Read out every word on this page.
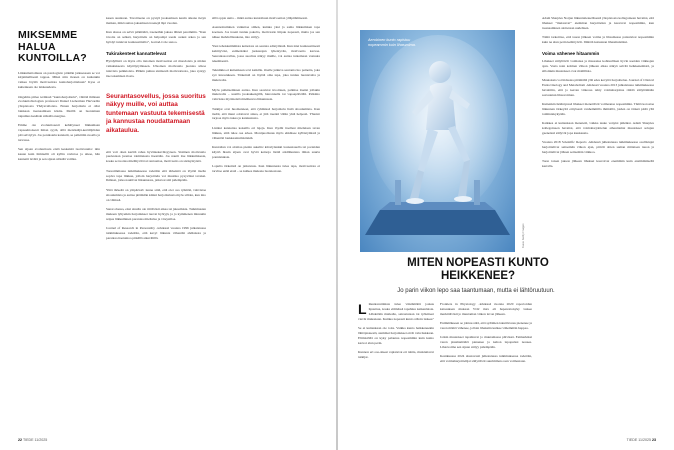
MIKSEMME HALUA KUNTOILLA?

Liikkumattomuus on patologista: pitkään jatkuessaan se voi kirjaimellisesti tappaa. Miksi niin monen on kuitenkin vaikea löytää motivaatiota kuntoharjoitteluun? Kyse ei kuitenkaan ole laiskuudesta.

Ongelma piilee termissä ”kuntoharjoittelu”, väittää ihmisen evoluutiobiologian professori Daniel Lieberman Harvardin yliopistosta Yhdysvalloista. Ennen harjoittelu ei ollut lainkaan treenaamisen käsite. Meillä on luontainen taipumus kesäisin säästää energiaa.

Emme ole evoluutiosesti kehittyneet liikkumaan vapaaehtoisesti ilman syytä, sillä metsästäjä-keräilijöiden piti selviytyä. Jos ponnistelu kannatti, se palkittiin ruoalla ja turvassa.

Sen sijaan evoluutiosta etsiä keskeisiä tuottavuutta: niin kauan kuin ihmisellä oli kyllin ravintoa ja aikaa, hän kannatti levätä ja sen sijaan säästää voimia.

kesen suuntaan. Tavoitteena on pystyä juoksemaan kesän aikana tietyn matkan, mikä auttaa jaksamaan treenejä läpi vuoden.

Kun alussa on selvä päämäärä, treeneihin jaksaa lähteä paremmin. ”Kun tavoite on selkeä, harjoittelu on helpompi saada osaksi arkea ja sen hyödyt tuntuvat konkreettisilta”, Garrad-Cole sanoo.

Tukirakenteet kannattelevat

Hyödyllistä on myös olla tietoinen motivaation eri muodoista ja niiden vaikutuksesta käyttäytymiseen. Ulkoinen motivaatio juontaa ulkoa tulevista palkkioista. Pääkin puhuu sisäisestä motivaatiosta, joka syntyy itse tekemisen ilosta.

Seurantasovellus, jossa suoritus näkyy muille, voi auttaa tuntemaan vastuuta tekemisestä ja kannustaa noudattamaan aikataulua.

että voit ohen kerätä rahaa hyväntekeväisyyteen. Sisäinen motivaatio puolestaan juontaa toiminnasta itsestään. Jos nautit itse liikkumisesta, koska se tuottaa mielihyvää tai rentouttaa, motivaatio on sisäsyntyistä.

Tuoreimmassa tutkimuksessa todettiin että tärkeintä on löytää itselle sopiva tapa liikkua, jolloin harjoittelu voi muuttua pysyväksi tavaksi. Ihmiset, jotka nauttivat liikunnasta, jatkavat sitä pidempään.

Yhtä tärkeää on ympäristö: tunne siitä, että olet osa ryhmää, vahvistaa sitoutumista ja auttaa pitämään kiinni harjoittelusta myös silloin, kun into on vähissä.

Sanat ohessa, ettei sinulla ole riittävästi aikaa tai jaksamista. Tutkimusten mukaan lyhyetkin harjoitukset tuovat hyötyjä, ja jo kymmenen minuutin reipas liikkuminen parantaa mielialaa ja vireystilaa.

Journal of Research in Personality -lehdessä vuonna 1996 julkaistussa tutkimuksessa todettiin, että kevyt liikunta vähentää ahdistusta ja parantaa itsetuntoa pitkällä aikavälillä.

sillä oppia uutta – mikä auttaa kuntoiluun motivaation ylläpitämisessä.

Asennoituminen vaikuttaa siihen, kuinka yksi ja sama liikkumisen tapa koetaan. Jos treeni tuntuu pakolta, motivaatio hiipuu nopeasti, mutta jos sen näkee mahdollisuutena, into säilyy.

Yksi tehokkaimmista keinoista on seurata edistymistä. Kun näet konkreettisesti kehittyväsi, esimerkiksi juoksuajan lyhentyvän, motivaatio kasvaa. Seurantasovellus, jossa suoritus näkyy muille, voi auttaa tuntemaan vastuuta tekemisestä.

Tekniikka ei kuitenkaan sovi kaikille. Osalle jatkuva seuranta luo painetta, joka syö innostuksen. Tärkeintä on löytää oma tapa, joka tuntuu luontevalta ja mukavalta.

Myös palkitseminen auttaa. Kun saavutat tavoitteen, palkitse itseäsi jollakin mukavalla – uusilla juoksukengillä, hieronnalla tai vapaapäivällä. Palkinto vahvistaa myönteistä mielikuvaa liikunnasta.

Tutkijat ovat huomanneet, että ryhmässä harjoittelu lisää sitoutumista. Kun tiedät, että muut odottavat sinua, et jätä treeniä väliin yhtä helposti. Yhteisö tarjoaa myös tukea ja kannustusta.

Lisäksi kannattaa kokeilla eri lajeja. Kun löydät itsellesi mieluisan tavan liikkua, siitä tulee osa arkea. Monipuolisuus myös ehkäisee kyllästymistä ja vähentää loukkaantumisriskiä.

Kuntoilun voi aloittaa pienin askelin: kävelylenkki lounastauolla tai portaiden käyttö hissin sijaan ovat hyviä keinoja lisätä arkiliikuntaa ilman suuria ponnistuksia.

Lopulta tärkeintä on jatkuvuus. Kun liikunnasta tulee tapa, motivaatiota ei tarvitse enää etsiä – se kulkee mukana luonnostaan.

22 TIEDE 11/2025
Aerobinen kunto rapistuu nopeammin kuin lihasvoima.
Kuva: Getty Images
MITEN NOPEASTI KUNTO HEIKKENEE?
Jo parin viikon lepo saa taantumaan, mutta ei lähtöruutuun.

Liikuntarutiinista tulee väistämättä joskus lipsuttua, koska elämässä tapahtuu kaikenlaista. Lähdetään matkalle, sairastutaan tai työkiireet vievät mukanaan. Kuinka nopeasti kunto silloin laskee?

Se ei kuitenkaan ole totta. Vaikka kunto heikkeneekin lähtöpisteestä, aiemmat harjoitukset eivät valu hukkaan. Elimistöllä on kyky palautua nopeammin kuin kunto kasvoi alun perin.

Kunnon eri osa-alueet rapistuvat eri tahtia, muistuttavat tutkijat.

Frontiers in Physiology -lehdessä vuonna 2020 raportoidun katsauksen mukaan VO2 max eli hapenottokyky laskee merkittävästi jo muutaman viikon levon jälkeen.

Enimmäkseen se johtuu siitä, että sydämen iskutilavuus pienenee ja veren määrä vähenee, jolloin lihaksiin kulkee vähemmän happea.

Jotkin muutokset tapahtuvat jo muutamassa päivässä. Esimerkiksi veren plasmamäärä pienenee ja kehon lepopulssi nousee. Lihasvoima sen sijaan säilyy pidempään.

Kesäkuussa 2024 alustavasti julkaistussa tutkimuksessa todettiin, että voimaharjoittelijat säilyttävät suurimman osan voimastaan.

Adam Sharples Norjan liikuntatieteellisestä yliopistosta kollegoineen havaitsi, että lihakset ”muistavat” aiemman harjoittelun ja kasvavat nopeammin, kun treenaaminen aloitetaan uudelleen.

Tämä tarkoittaa, että tauon jälkeen voima ja lihasmassa palautuvat nopeammin kuin ne alun perin kehittyivät. Ilmiötä kutsutaan lihasmuistiksi.

Voima vähenee hitaammin

Lihakset säilyttävät voimansa ja massansa kohtuullisen hyvin useiden viikkojen ajan. Vasta noin kolmen viikon jälkeen alkaa näkyä selvää heikkenemistä, ja silloinkin muutokset ovat maltillisia.

Muutoksia voi hidastaa pitämällä yllä edes kevyttä harjoittelua. Journal of Clinical Endocrinology and Metabolism -lehdessä vuonna 2013 julkaistussa tutkimuksessa havaittiin, että jo kerran viikossa tehty voimaharjoitus riittää säilyttämään saavutetun lihasvoiman.

Kuitenkin ikääntyessä lihakset menettävät voimaansa nopeammin. Tämä korostaa liikunnan tärkeyttä erityisesti vanhemmilla ihmisillä, joiden on tärkeä pitää yllä toimintakykyään.

Kaikkea ei kuitenkaan menetetä, vaikka tauko venyisi pitkäksi. Adam Sharples kollegoineen havaitsi, että voimaharjoittelun aiheuttamat muutokset solujen geeneissä säilyvät jopa kuukausia.

Vuonna 2018 Scientific Reports -lehdessä julkaistussa tutkimuksessa osallistujat harjoittelivat seitsemän viikon ajan, pitivät sitten saman mittaisen tauon ja harjoittelivat jälleen seitsemän viikkoa.

Tuon toisen jakson jälkeen lihakset kasvoivat enemmän kuin ensimmäisellä kerralla.

TIEDE 11/2025 23
